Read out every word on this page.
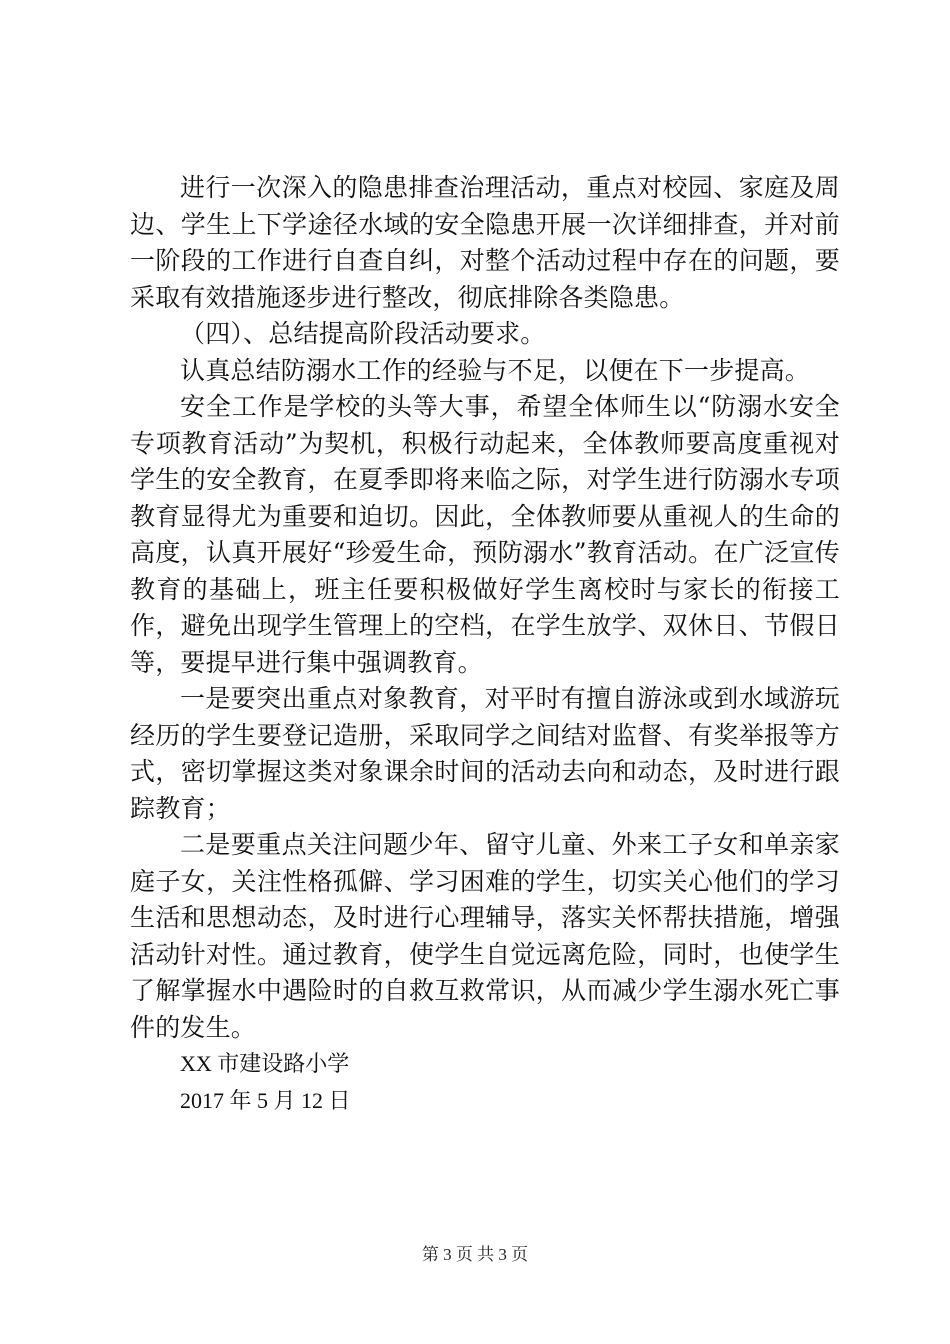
进行一次深入的隐患排查治理活动，重点对校园、家庭及周边、学生上下学途径水域的安全隐患开展一次详细排查，并对前一阶段的工作进行自查自纠，对整个活动过程中存在的问题，要采取有效措施逐步进行整改，彻底排除各类隐患。

（四）、总结提高阶段活动要求。

认真总结防溺水工作的经验与不足，以便在下一步提高。

安全工作是学校的头等大事，希望全体师生以“防溺水安全专项教育活动”为契机，积极行动起来，全体教师要高度重视对学生的安全教育，在夏季即将来临之际，对学生进行防溺水专项教育显得尤为重要和迫切。因此，全体教师要从重视人的生命的高度，认真开展好“珍爱生命，预防溺水”教育活动。在广泛宣传教育的基础上，班主任要积极做好学生离校时与家长的衔接工作，避免出现学生管理上的空档，在学生放学、双休日、节假日等，要提早进行集中强调教育。

一是要突出重点对象教育，对平时有擅自游泳或到水域游玩经历的学生要登记造册，采取同学之间结对监督、有奖举报等方式，密切掌握这类对象课余时间的活动去向和动态，及时进行跟踪教育；

二是要重点关注问题少年、留守儿童、外来工子女和单亲家庭子女，关注性格孤僻、学习困难的学生，切实关心他们的学习生活和思想动态，及时进行心理辅导，落实关怀帮扶措施，增强活动针对性。通过教育，使学生自觉远离危险，同时，也使学生了解掌握水中遇险时的自救互救常识，从而减少学生溺水死亡事件的发生。

XX 市建设路小学

2017 年 5 月 12 日

第 3 页 共 3 页
